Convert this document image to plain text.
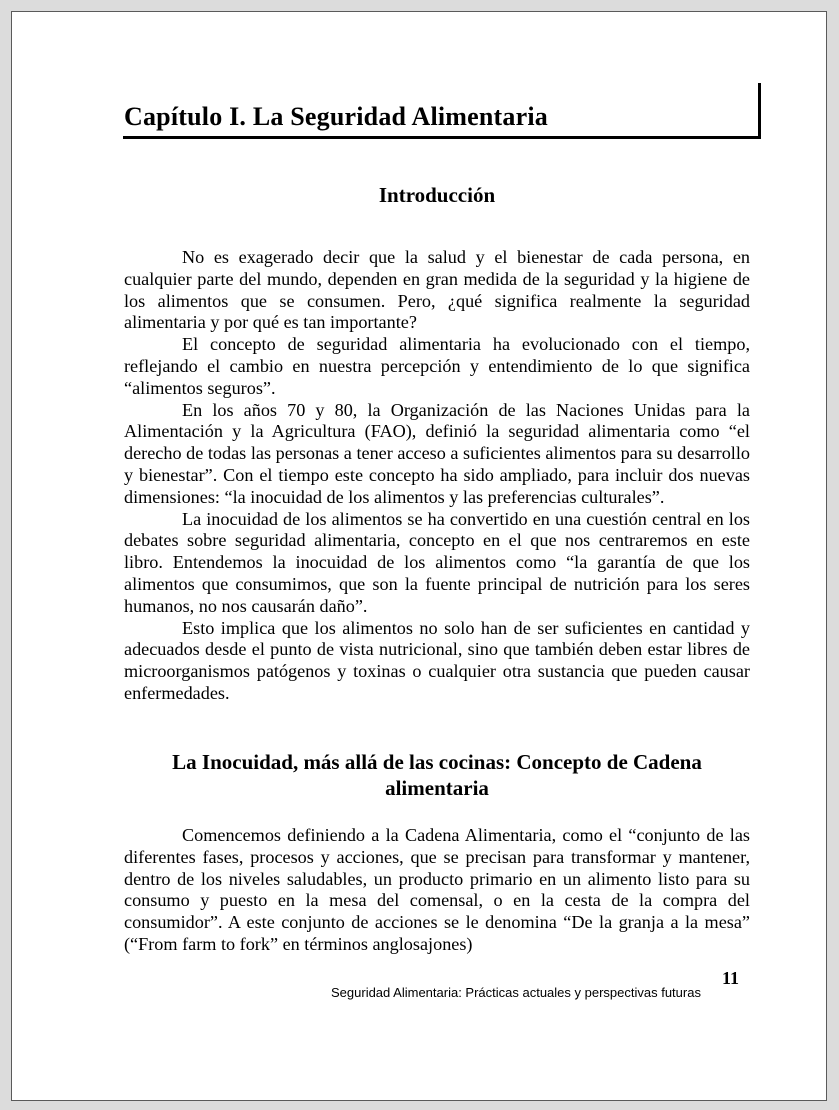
Capítulo I. La Seguridad Alimentaria
Introducción

No es exagerado decir que la salud y el bienestar de cada persona, en cualquier parte del mundo, dependen en gran medida de la seguridad y la higiene de los alimentos que se consumen. Pero, ¿qué significa realmente la seguridad alimentaria y por qué es tan importante?

El concepto de seguridad alimentaria ha evolucionado con el tiempo, reflejando el cambio en nuestra percepción y entendimiento de lo que significa “alimentos seguros”.

En los años 70 y 80, la Organización de las Naciones Unidas para la Alimentación y la Agricultura (FAO), definió la seguridad alimentaria como “el derecho de todas las personas a tener acceso a suficientes alimentos para su desarrollo y bienestar”. Con el tiempo este concepto ha sido ampliado, para incluir dos nuevas dimensiones: “la inocuidad de los alimentos y las preferencias culturales”.

La inocuidad de los alimentos se ha convertido en una cuestión central en los debates sobre seguridad alimentaria, concepto en el que nos centraremos en este libro. Entendemos la inocuidad de los alimentos como “la garantía de que los alimentos que consumimos, que son la fuente principal de nutrición para los seres humanos, no nos causarán daño”.

Esto implica que los alimentos no solo han de ser suficientes en cantidad y adecuados desde el punto de vista nutricional, sino que también deben estar libres de microorganismos patógenos y toxinas o cualquier otra sustancia que pueden causar enfermedades.

La Inocuidad, más allá de las cocinas: Concepto de Cadena alimentaria

Comencemos definiendo a la Cadena Alimentaria, como el “conjunto de las diferentes fases, procesos y acciones, que se precisan para transformar y mantener, dentro de los niveles saludables, un producto primario en un alimento listo para su consumo y puesto en la mesa del comensal, o en la cesta de la compra del consumidor”. A este conjunto de acciones se le denomina “De la granja a la mesa” (“From farm to fork” en términos anglosajones)

11
Seguridad Alimentaria: Prácticas actuales y perspectivas futuras
